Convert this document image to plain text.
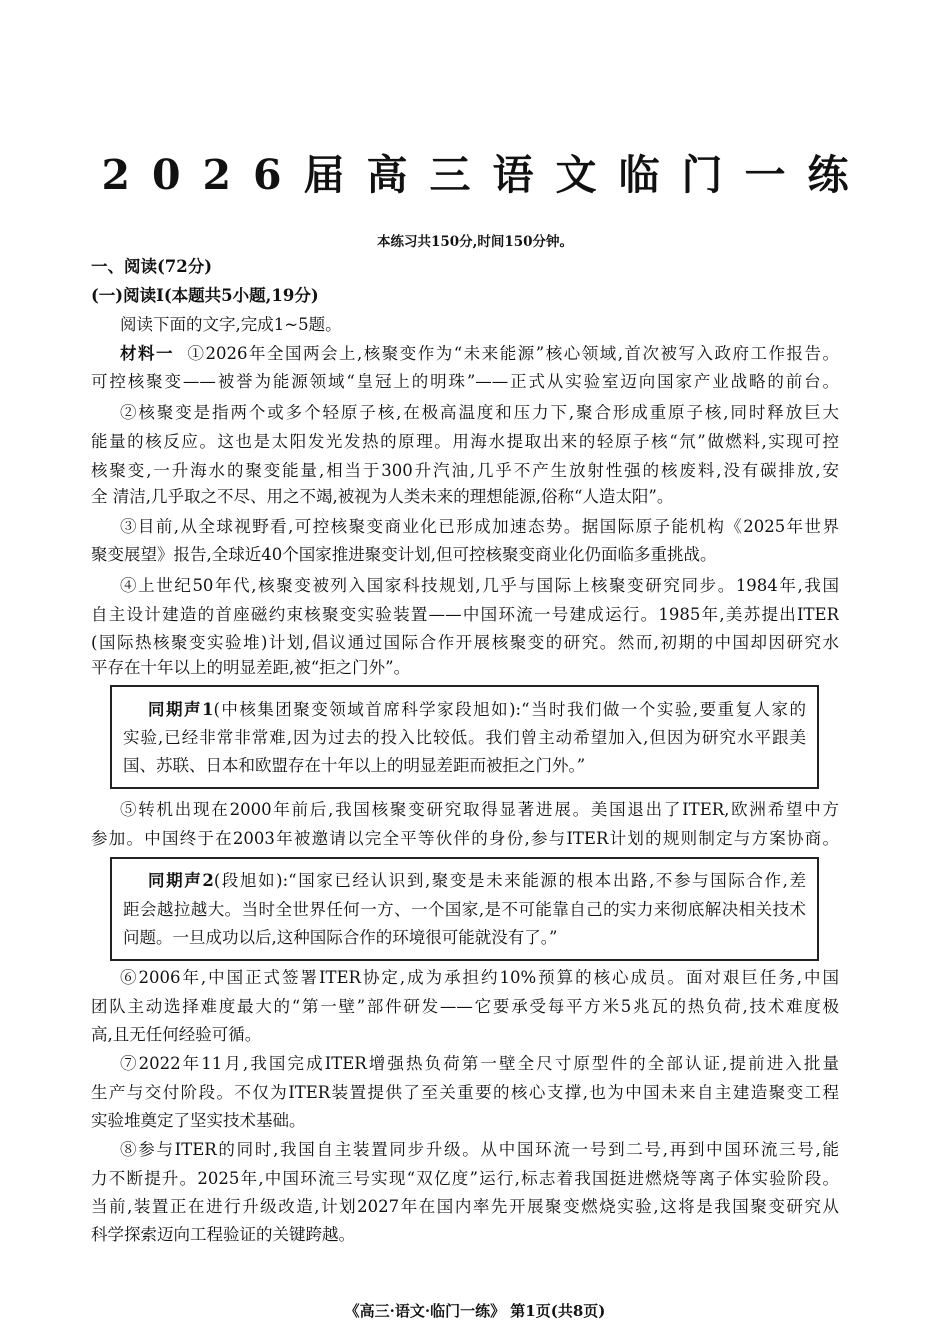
2026届高三语文临门一练
本练习共150分,时间150分钟。
一、阅读(72分)
(一)阅读Ⅰ(本题共5小题,19分)
阅读下面的文字,完成1~5题。
材料一 ①2026年全国两会上,核聚变作为“未来能源”核心领域,首次被写入政府工作报告。
可控核聚变——被誉为能源领域“皇冠上的明珠”——正式从实验室迈向国家产业战略的前台。
②核聚变是指两个或多个轻原子核,在极高温度和压力下,聚合形成重原子核,同时释放巨大
能量的核反应。这也是太阳发光发热的原理。用海水提取出来的轻原子核“氘”做燃料,实现可控
核聚变,一升海水的聚变能量,相当于300升汽油,几乎不产生放射性强的核废料,没有碳排放,安
全 清洁,几乎取之不尽、用之不竭,被视为人类未来的理想能源,俗称“人造太阳”。
③目前,从全球视野看,可控核聚变商业化已形成加速态势。据国际原子能机构《2025年世界
聚变展望》报告,全球近40个国家推进聚变计划,但可控核聚变商业化仍面临多重挑战。
④上世纪50年代,核聚变被列入国家科技规划,几乎与国际上核聚变研究同步。1984年,我国
自主设计建造的首座磁约束核聚变实验装置——中国环流一号建成运行。1985年,美苏提出ITER
(国际热核聚变实验堆)计划,倡议通过国际合作开展核聚变的研究。然而,初期的中国却因研究水
平存在十年以上的明显差距,被“拒之门外”。
同期声1(中核集团聚变领域首席科学家段旭如):“当时我们做一个实验,要重复人家的
实验,已经非常非常难,因为过去的投入比较低。我们曾主动希望加入,但因为研究水平跟美
国、苏联、日本和欧盟存在十年以上的明显差距而被拒之门外。”
⑤转机出现在2000年前后,我国核聚变研究取得显著进展。美国退出了ITER,欧洲希望中方
参加。中国终于在2003年被邀请以完全平等伙伴的身份,参与ITER计划的规则制定与方案协商。
同期声2(段旭如):“国家已经认识到,聚变是未来能源的根本出路,不参与国际合作,差
距会越拉越大。当时全世界任何一方、一个国家,是不可能靠自己的实力来彻底解决相关技术
问题。一旦成功以后,这种国际合作的环境很可能就没有了。”
⑥2006年,中国正式签署ITER协定,成为承担约10%预算的核心成员。面对艰巨任务,中国
团队主动选择难度最大的“第一壁”部件研发——它要承受每平方米5兆瓦的热负荷,技术难度极
高,且无任何经验可循。
⑦2022年11月,我国完成ITER增强热负荷第一壁全尺寸原型件的全部认证,提前进入批量
生产与交付阶段。不仅为ITER装置提供了至关重要的核心支撑,也为中国未来自主建造聚变工程
实验堆奠定了坚实技术基础。
⑧参与ITER的同时,我国自主装置同步升级。从中国环流一号到二号,再到中国环流三号,能
力不断提升。2025年,中国环流三号实现“双亿度”运行,标志着我国挺进燃烧等离子体实验阶段。
当前,装置正在进行升级改造,计划2027年在国内率先开展聚变燃烧实验,这将是我国聚变研究从
科学探索迈向工程验证的关键跨越。
《高三·语文·临门一练》 第1页(共8页)
